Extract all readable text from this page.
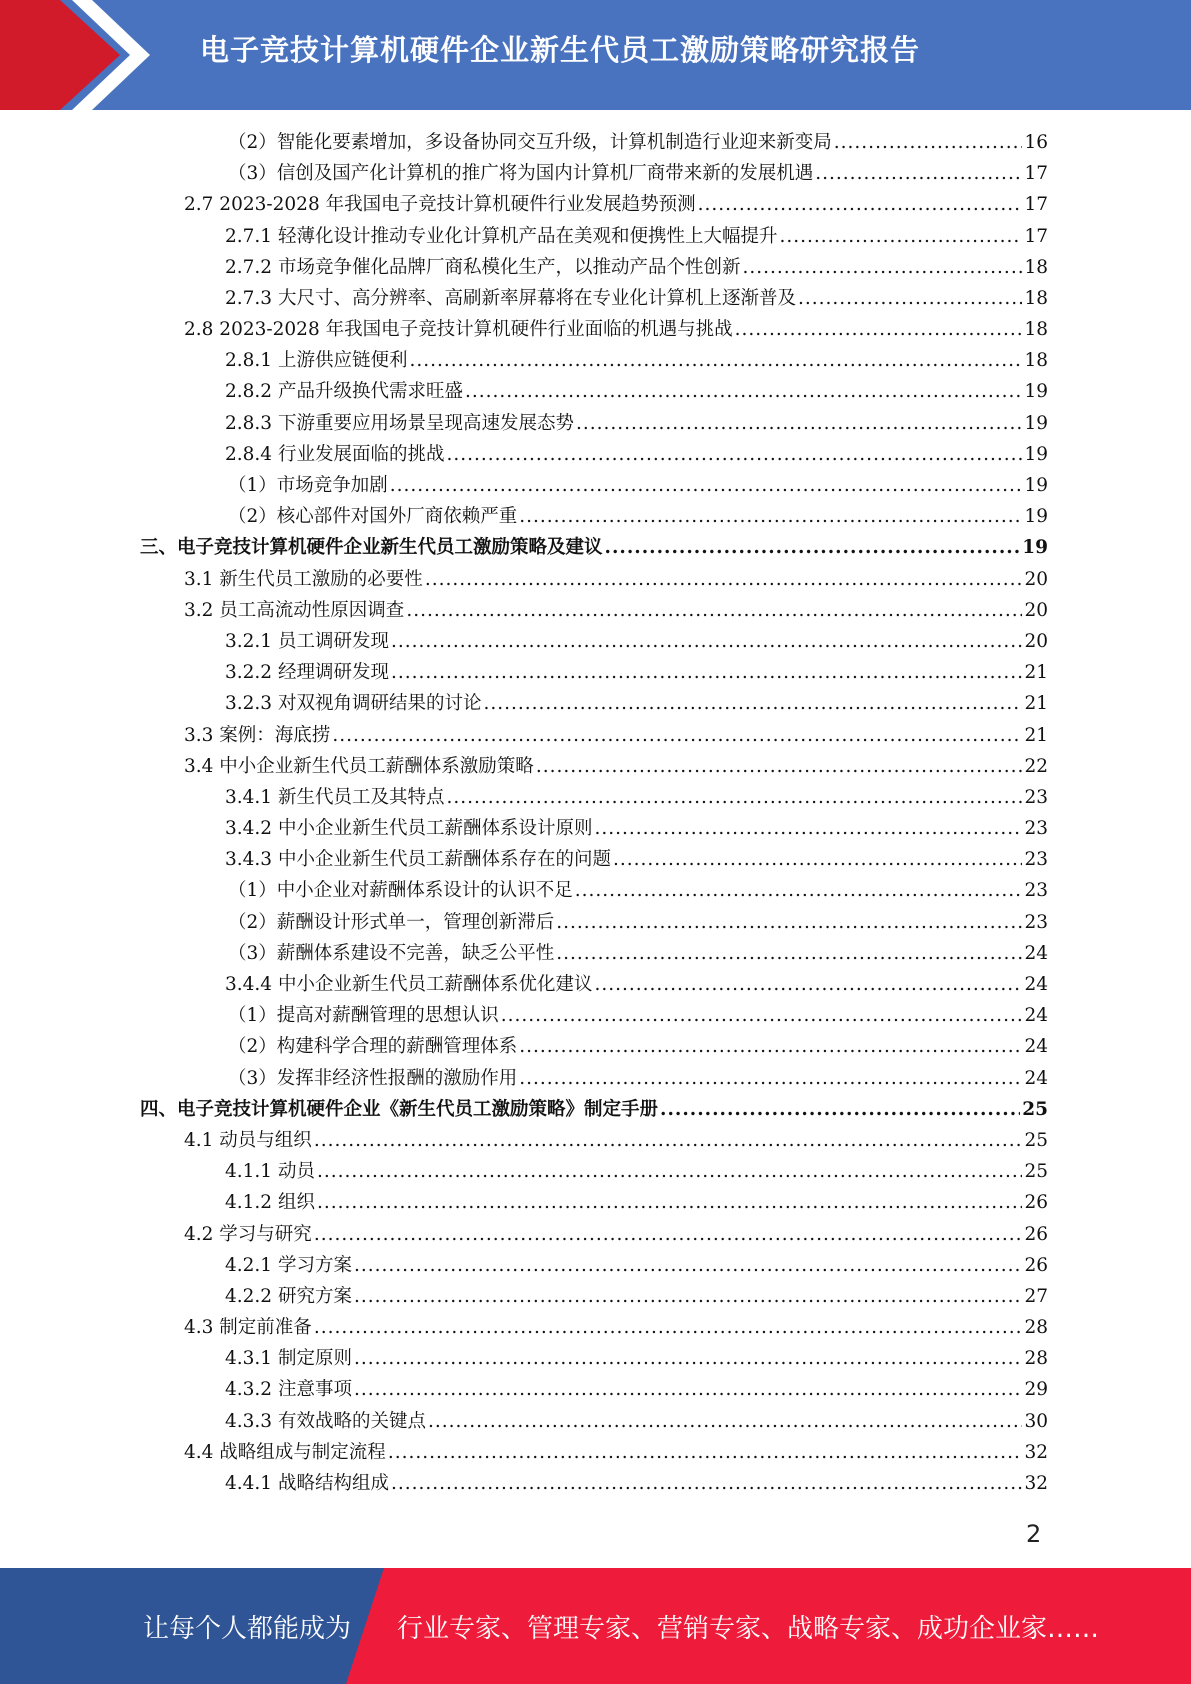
电子竞技计算机硬件企业新生代员工激励策略研究报告
（2）智能化要素增加，多设备协同交互升级，计算机制造行业迎来新变局 .....	16
（3）信创及国产化计算机的推广将为国内计算机厂商带来新的发展机遇 .....	17
2.7 2023-2028 年我国电子竞技计算机硬件行业发展趋势预测 .....	17
2.7.1 轻薄化设计推动专业化计算机产品在美观和便携性上大幅提升 .....	17
2.7.2 市场竞争催化品牌厂商私模化生产，以推动产品个性创新 .....	18
2.7.3 大尺寸、高分辨率、高刷新率屏幕将在专业化计算机上逐渐普及 .....	18
2.8 2023-2028 年我国电子竞技计算机硬件行业面临的机遇与挑战 .....	18
2.8.1 上游供应链便利 .....	18
2.8.2 产品升级换代需求旺盛 .....	19
2.8.3 下游重要应用场景呈现高速发展态势 .....	19
2.8.4 行业发展面临的挑战 .....	19
（1）市场竞争加剧 .....	19
（2）核心部件对国外厂商依赖严重 .....	19
三、电子竞技计算机硬件企业新生代员工激励策略及建议 .....	19
3.1 新生代员工激励的必要性 .....	20
3.2 员工高流动性原因调查 .....	20
3.2.1 员工调研发现 .....	20
3.2.2 经理调研发现 .....	21
3.2.3 对双视角调研结果的讨论 .....	21
3.3 案例：海底捞 .....	21
3.4 中小企业新生代员工薪酬体系激励策略 .....	22
3.4.1 新生代员工及其特点 .....	23
3.4.2 中小企业新生代员工薪酬体系设计原则 .....	23
3.4.3 中小企业新生代员工薪酬体系存在的问题 .....	23
（1）中小企业对薪酬体系设计的认识不足 .....	23
（2）薪酬设计形式单一，管理创新滞后 .....	23
（3）薪酬体系建设不完善，缺乏公平性 .....	24
3.4.4 中小企业新生代员工薪酬体系优化建议 .....	24
（1）提高对薪酬管理的思想认识 .....	24
（2）构建科学合理的薪酬管理体系 .....	24
（3）发挥非经济性报酬的激励作用 .....	24
四、电子竞技计算机硬件企业《新生代员工激励策略》制定手册 .....	25
4.1 动员与组织 .....	25
4.1.1 动员 .....	25
4.1.2 组织 .....	26
4.2 学习与研究 .....	26
4.2.1 学习方案 .....	26
4.2.2 研究方案 .....	27
4.3 制定前准备 .....	28
4.3.1 制定原则 .....	28
4.3.2 注意事项 .....	29
4.3.3 有效战略的关键点 .....	30
4.4 战略组成与制定流程 .....	32
4.4.1 战略结构组成 .....	32
2
让每个人都能成为 行业专家、管理专家、营销专家、战略专家、成功企业家……
